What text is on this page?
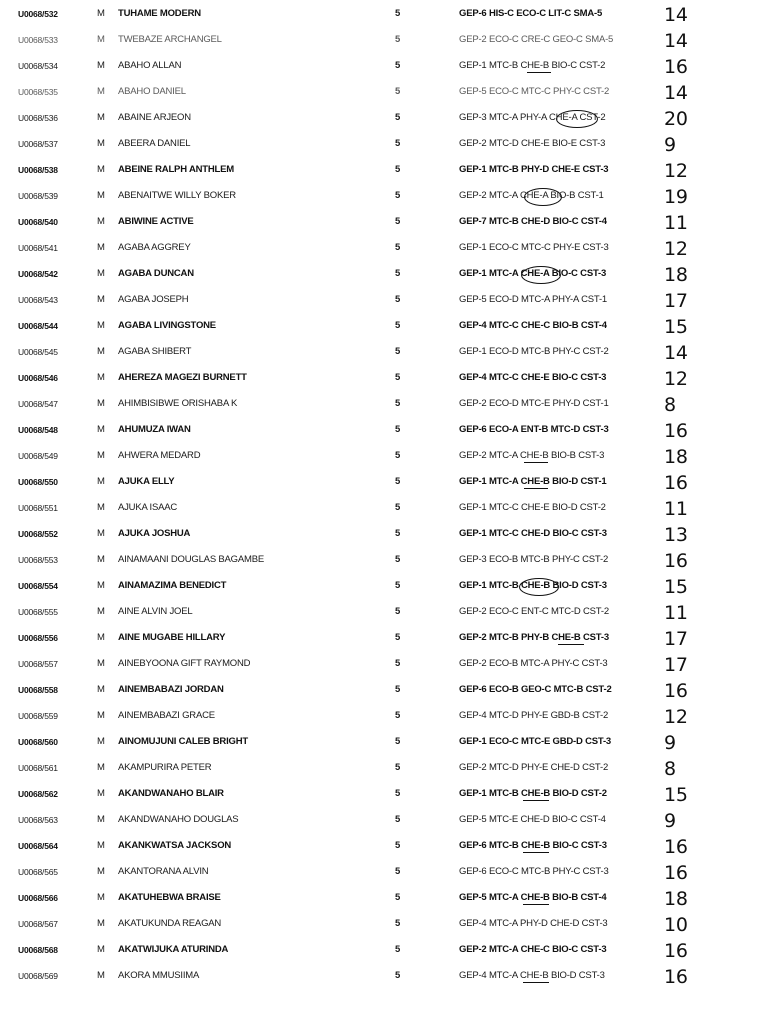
U0068/532	M TUHAME MODERN	5	GEP-6 HIS-C ECO-C LIT-C SMA-5	14
U0068/533	M TWEBAZE ARCHANGEL	5	GEP-2 ECO-C CRE-C GEO-C SMA-5	14
U0068/534	M ABAHO ALLAN	5	GEP-1 MTC-B CHE-B BIO-C CST-2	16
U0068/535	M ABAHO DANIEL	5	GEP-5 ECO-C MTC-C PHY-C CST-2	14
U0068/536	M ABAINE ARJEON	5	GEP-3 MTC-A PHY-A CHE-A CST-2	20
U0068/537	M ABEERA DANIEL	5	GEP-2 MTC-D CHE-E BIO-E CST-3	9
U0068/538	M ABEINE RALPH ANTHLEM	5	GEP-1 MTC-B PHY-D CHE-E CST-3	12
U0068/539	M ABENAITWE WILLY BOKER	5	GEP-2 MTC-A CHE-A BIO-B CST-1	19
U0068/540	M ABIWINE ACTIVE	5	GEP-7 MTC-B CHE-D BIO-C CST-4	11
U0068/541	M AGABA AGGREY	5	GEP-1 ECO-C MTC-C PHY-E CST-3	12
U0068/542	M AGABA DUNCAN	5	GEP-1 MTC-A CHE-A BIO-C CST-3	18
U0068/543	M AGABA JOSEPH	5	GEP-5 ECO-D MTC-A PHY-A CST-1	17
U0068/544	M AGABA LIVINGSTONE	5	GEP-4 MTC-C CHE-C BIO-B CST-4	15
U0068/545	M AGABA SHIBERT	5	GEP-1 ECO-D MTC-B PHY-C CST-2	14
U0068/546	M AHEREZA MAGEZI BURNETT	5	GEP-4 MTC-C CHE-E BIO-C CST-3	12
U0068/547	M AHIMBISIBWE ORISHABA K	5	GEP-2 ECO-D MTC-E PHY-D CST-1	8
U0068/548	M AHUMUZA IWAN	5	GEP-6 ECO-A ENT-B MTC-D CST-3	16
U0068/549	M AHWERA MEDARD	5	GEP-2 MTC-A CHE-B BIO-B CST-3	18
U0068/550	M AJUKA ELLY	5	GEP-1 MTC-A CHE-B BIO-D CST-1	16
U0068/551	M AJUKA ISAAC	5	GEP-1 MTC-C CHE-E BIO-D CST-2	11
U0068/552	M AJUKA JOSHUA	5	GEP-1 MTC-C CHE-D BIO-C CST-3	13
U0068/553	M AINAMAANI DOUGLAS BAGAMBE	5	GEP-3 ECO-B MTC-B PHY-C CST-2	16
U0068/554	M AINAMAZIMA BENEDICT	5	GEP-1 MTC-B CHE-B BIO-D CST-3	15
U0068/555	M AINE ALVIN JOEL	5	GEP-2 ECO-C ENT-C MTC-D CST-2	11
U0068/556	M AINE MUGABE HILLARY	5	GEP-2 MTC-B PHY-B CHE-B CST-3	17
U0068/557	M AINEBYOONA GIFT RAYMOND	5	GEP-2 ECO-B MTC-A PHY-C CST-3	17
U0068/558	M AINEMBABAZI JORDAN	5	GEP-6 ECO-B GEO-C MTC-B CST-2	16
U0068/559	M AINEMBABAZI GRACE	5	GEP-4 MTC-D PHY-E GBD-B CST-2	12
U0068/560	M AINOMUJUNI CALEB BRIGHT	5	GEP-1 ECO-C MTC-E GBD-D CST-3	9
U0068/561	M AKAMPURIRA PETER	5	GEP-2 MTC-D PHY-E CHE-D CST-2	8
U0068/562	M AKANDWANAHO BLAIR	5	GEP-1 MTC-B CHE-B BIO-D CST-2	15
U0068/563	M AKANDWANAHO DOUGLAS	5	GEP-5 MTC-E CHE-D BIO-C CST-4	9
U0068/564	M AKANKWATSA JACKSON	5	GEP-6 MTC-B CHE-B BIO-C CST-3	16
U0068/565	M AKANTORANA ALVIN	5	GEP-6 ECO-C MTC-B PHY-C CST-3	16
U0068/566	M AKATUHEBWA BRAISE	5	GEP-5 MTC-A CHE-B BIO-B CST-4	18
U0068/567	M AKATUKUNDA REAGAN	5	GEP-4 MTC-A PHY-D CHE-D CST-3	10
U0068/568	M AKATWIJUKA ATURINDA	5	GEP-2 MTC-A CHE-C BIO-C CST-3	16
U0068/569	M AKORA MMUSIIMA	5	GEP-4 MTC-A CHE-B BIO-D CST-3	16
